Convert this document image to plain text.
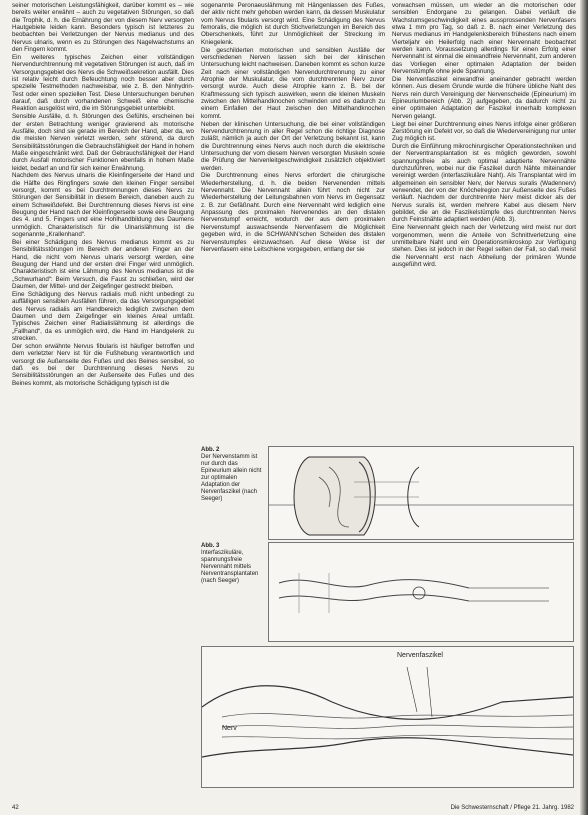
seiner motorischen Leistungsfähigkeit, darüber kommt es – wie bereits weiter erwähnt – auch zu vegetativen Störungen, so daß die Trophik, d. h. die Ernährung der von diesem Nerv versorgten Hautgebiete leiden kann. Besonders typisch ist letzteres zu beobachten bei Verletzungen der Nervus medianus und des Nervus ulnaris, wenn es zu Störungen des Nagelwachstums an den Fingern kommt.

Ein weiteres typisches Zeichen einer vollständigen Nervendurchtrennung mit vegetativen Störungen ist auch, daß im Versorgungsgebiet des Nervs die Schweißsekretion ausfällt. Dies ist relativ leicht durch Befeuchtung noch besser aber durch spezielle Testmethoden nachweisbar, wie z. B. den Ninhydrin-Test oder einen speziellen Test. Diese Untersuchungen beruhen darauf, daß durch vorhandenen Schweiß eine chemische Reaktion ausgelöst wird, die im Störungsgebiet unterbleibt.

Sensible Ausfälle, d. h. Störungen des Gefühls, erscheinen bei der ersten Betrachtung weniger gravierend als motorische Ausfälle, doch sind sie gerade im Bereich der Hand, aber da, wo die meisten Nerven verletzt werden, sehr störend, da durch Sensibilitätsstörungen die Gebrauchsfähigkeit der Hand in hohem Maße eingeschränkt wird. Daß der Gebrauchsfähigkeit der Hand durch Ausfall motorischer Funktionen ebenfalls in hohem Maße leidet, bedarf an und für sich keiner Erwähnung.

Nachdem des Nervus ulnaris die Kleinfingerseite der Hand und die Hälfte des Ringfingers sowie den kleinen Finger sensibel versorgt, kommt es bei Durchtrennungen dieses Nervs zu Störungen der Sensibilität in diesem Bereich, daneben auch zu einem Schweißdefekt. Bei Durchtrennung dieses Nervs ist eine Beugung der Hand nach der Kleinfingerseite sowie eine Beugung des 4. und 5. Fingers und eine Hohlhandbildung des Daumens unmöglich. Charakteristisch für die Ulnarislähmung ist die sogenannte „Krallenhand“.

Bei einer Schädigung des Nervus medianus kommt es zu Sensibilitätsstörungen im Bereich der anderen Finger an der Hand, die nicht vom Nervus ulnaris versorgt werden, eine Beugung der Hand und der ersten drei Finger wird unmöglich. Charakteristisch ist eine Lähmung des Nervus medianus ist die „Schwurhand“: Beim Versuch, die Faust zu schließen, wird der Daumen, der Mittel- und der Zeigefinger gestreckt bleiben.

Eine Schädigung des Nervus radialis muß nicht unbedingt zu auffälligen sensiblen Ausfällen führen, da das Versorgungsgebiet des Nervus radialis am Handbereich lediglich zwischen dem Daumen und dem Zeigefinger ein kleines Areal umfaßt. Typisches Zeichen einer Radialislähmung ist allerdings die „Fallhand“, da es unmöglich wird, die Hand im Handgelenk zu strecken.

Der schon erwähnte Nervus fibularis ist häufiger betroffen und dem verletzter Nerv ist für die Fußhebung verantwortlich und versorgt die Außenseite des Fußes und des Beines sensibel, so daß es bei der Durchtrennung dieses Nervs zu Sensibilitätsstörungen an der Außenseite des Fußes und des Beines kommt, als motorische Schädigung typisch ist die

sogenannte Peronaeuslähmung mit Hängenlassen des Fußes, der aktiv nicht mehr gehoben werden kann, da dessen Muskulatur vom Nervus fibularis versorgt wird. Eine Schädigung des Nervus femoralis, die möglich ist durch Stichverletzungen im Bereich des Oberschenkels, führt zur Unmöglichkeit der Streckung im Kniegelenk.

Die geschilderten motorischen und sensiblen Ausfälle der verschiedenen Nerven lassen sich bei der klinischen Untersuchung leicht nachweisen. Daneben kommt es schon kurze Zeit nach einer vollständigen Nervendurchtrennung zu einer Atrophie der Muskulatur, die vom durchtrennten Nerv zuvor versorgt wurde. Auch diese Atrophie kann z. B. bei der Kraftmessung sich typisch auswirken, wenn die kleinen Muskeln zwischen den Mittelhandknochen schwinden und es dadurch zu einem Einfallen der Haut zwischen den Mittelhandknochen kommt.

Neben der klinischen Untersuchung, die bei einer vollständigen Nervendurchtrennung in aller Regel schon die richtige Diagnose zuläßt, nämlich ja auch der Ort der Verletzung bekannt ist, kann die Durchtrennung eines Nervs auch noch durch die elektrische Untersuchung der vom diesem Nerven versorgten Muskeln sowie die Prüfung der Nervenleitgeschwindigkeit zusätzlich objektiviert werden.

Die Durchtrennung eines Nervs erfordert die chirurgische Wiederherstellung, d. h. die beiden Nervenenden mittels Nervennaht. Die Nervennaht allein führt noch nicht zur Wiederherstellung der Leitungsbahnen vom Nervs im Gegensatz z. B. zur Gefäßnaht. Durch eine Nervennaht wird lediglich eine Anpassung des proximalen Nervenendes an den distalen Nervenstumpf erreicht, wodurch der aus dem proximalen Nervenstumpf auswachsende Nervenfasern die Möglichkeit gegeben wird, in die SCHWANN’schen Scheiden des distalen Nervenstumpfes einzuwachsen. Auf diese Weise ist der Nervenfasern eine Leitschiene vorgegeben, entlang der sie

vorwachsen müssen, um wieder an die motorischen oder sensiblen Endorgane zu gelangen. Dabei verläuft die Wachstumsgeschwindigkeit eines aussprossenden Nervenfasers etwa 1 mm pro Tag, so daß z. B. nach einer Verletzung des Nervus medianus im Handgelenksbereich frühestens nach einem Vierteljahr ein Heilerfolg nach einer Nervennaht beobachtet werden kann. Voraussetzung allerdings für einen Erfolg einer Nervennaht ist einmal die einwandfreie Nervennaht, zum anderen das Vorliegen einer optimalen Adaptation der beiden Nervenstümpfe ohne jede Spannung.

Die Nervenfaszikel einwandfrei aneinander gebracht werden können. Aus diesem Grunde wurde die frühere übliche Naht des Nervs rein durch Vereinigung der Nervenscheide (Epineurium) im Epineuriumbereich (Abb. 2) aufgegeben, da dadurch nicht zu einer optimalen Adaptation der Faszikel innerhalb komplexen Nerven gelangt.

Liegt bei einer Durchtrennung eines Nervs infolge einer größeren Zerstörung ein Defekt vor, so daß die Wiedervereinigung nur unter Zug möglich ist.

Durch die Einführung mikrochirurgischer Operationstechniken und der Nerventransplantation ist es möglich geworden, sowohl spannungsfreie als auch optimal adaptierte Nervennähte durchzuführen, wobei nur die Faszikel durch Nähte miteinander vereinigt werden (interfaszikuläre Naht). Als Transplantat wird im allgemeinen ein sensibler Nerv, der Nervus suralis (Wadennerv) verwendet, der von der Knöchelregion zur Außenseite des Fußes verläuft. Nachdem der durchtrennte Nerv meist dicker als der Nervus suralis ist, werden mehrere Kabel aus diesem Nerv gebildet, die an die Faszikelstümpfe des durchtrennten Nervs durch Feinstnähte adaptiert werden (Abb. 3).

Eine Nervennaht gleich nach der Verletzung wird meist nur dort vorgenommen, wenn die Anteile von Schnittverletzung eine unmittelbare Naht und ein Operationsmikroskop zur Verfügung stehen. Dies ist jedoch in der Regel selten der Fall, so daß meist die Nervennaht erst nach Abheilung der primären Wunde ausgeführt wird.

Abb. 2
Der Nervenstamm ist nur durch das Epineurium allein nicht zur optimalen Adaptation der Nervenfaszikel (nach Seeger)
Abb. 3
Interfaszikuläre, spannungsfreie Nervennaht mittels Nerventransplantaten (nach Seeger)
Nervenfaszikel
Nerv
42	Die Schwesternschaft / Pflege 21. Jahrg. 1982
